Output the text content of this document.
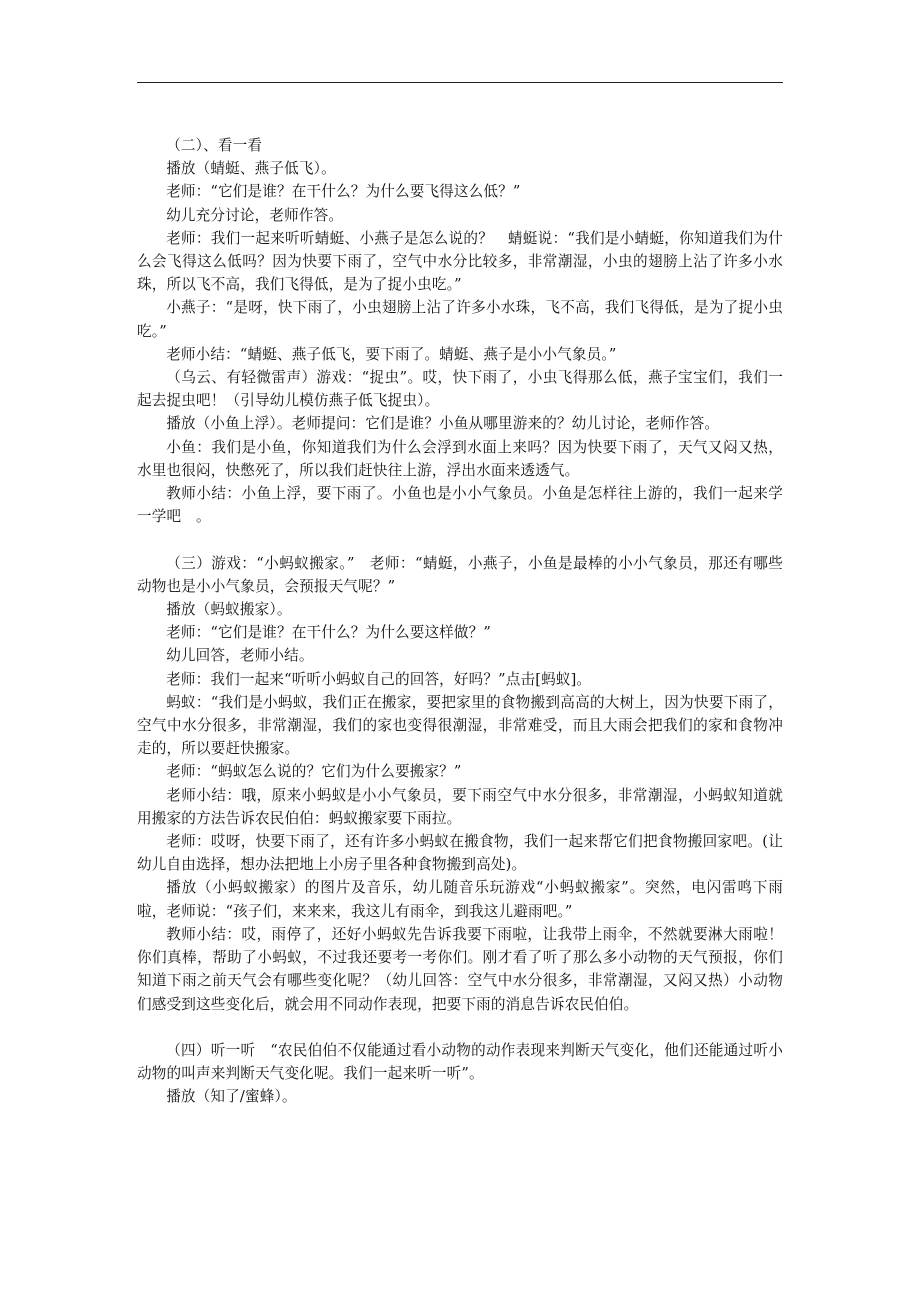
（二）、看一看

播放（蜻蜓、燕子低飞）。

老师：“它们是谁？在干什么？为什么要飞得这么低？”

幼儿充分讨论，老师作答。

老师：我们一起来听听蜻蜓、小燕子是怎么说的？　蜻蜓说：“我们是小蜻蜓，你知道我们为什么会飞得这么低吗？因为快要下雨了，空气中水分比较多，非常潮湿，小虫的翅膀上沾了许多小水珠，所以飞不高，我们飞得低，是为了捉小虫吃。”

小燕子：“是呀，快下雨了，小虫翅膀上沾了许多小水珠，飞不高，我们飞得低，是为了捉小虫吃。”

老师小结：“蜻蜓、燕子低飞，要下雨了。蜻蜓、燕子是小小气象员。”

（乌云、有轻微雷声）游戏：“捉虫”。哎，快下雨了，小虫飞得那么低，燕子宝宝们，我们一起去捉虫吧！（引导幼儿模仿燕子低飞捉虫）。

播放（小鱼上浮）。老师提问：它们是谁？小鱼从哪里游来的？幼儿讨论，老师作答。

小鱼：我们是小鱼，你知道我们为什么会浮到水面上来吗？因为快要下雨了，天气又闷又热，水里也很闷，快憋死了，所以我们赶快往上游，浮出水面来透透气。

教师小结：小鱼上浮，要下雨了。小鱼也是小小气象员。小鱼是怎样往上游的，我们一起来学一学吧　。

（三）游戏：“小蚂蚁搬家。”　老师：“蜻蜓，小燕子，小鱼是最棒的小小气象员，那还有哪些动物也是小小气象员，会预报天气呢？”

播放（蚂蚁搬家）。

老师：“它们是谁？在干什么？为什么要这样做？”

幼儿回答，老师小结。

老师：我们一起来“听听小蚂蚁自己的回答，好吗？”点击[蚂蚁]。

蚂蚁：“我们是小蚂蚁，我们正在搬家，要把家里的食物搬到高高的大树上，因为快要下雨了，空气中水分很多，非常潮湿，我们的家也变得很潮湿，非常难受，而且大雨会把我们的家和食物冲走的，所以要赶快搬家。

老师：“蚂蚁怎么说的？它们为什么要搬家？”

老师小结：哦，原来小蚂蚁是小小气象员，要下雨空气中水分很多，非常潮湿，小蚂蚁知道就用搬家的方法告诉农民伯伯：蚂蚁搬家要下雨拉。

老师：哎呀，快要下雨了，还有许多小蚂蚁在搬食物，我们一起来帮它们把食物搬回家吧。(让幼儿自由选择，想办法把地上小房子里各种食物搬到高处)。

播放（小蚂蚁搬家）的图片及音乐，幼儿随音乐玩游戏“小蚂蚁搬家”。突然，电闪雷鸣下雨啦，老师说：“孩子们，来来来，我这儿有雨伞，到我这儿避雨吧。”

教师小结：哎，雨停了，还好小蚂蚁先告诉我要下雨啦，让我带上雨伞，不然就要淋大雨啦！你们真棒，帮助了小蚂蚁，不过我还要考一考你们。刚才看了听了那么多小动物的天气预报，你们知道下雨之前天气会有哪些变化呢？（幼儿回答：空气中水分很多，非常潮湿，又闷又热）小动物们感受到这些变化后，就会用不同动作表现，把要下雨的消息告诉农民伯伯。

（四）听一听　“农民伯伯不仅能通过看小动物的动作表现来判断天气变化，他们还能通过听小动物的叫声来判断天气变化呢。我们一起来听一听”。

播放（知了/蜜蜂）。
